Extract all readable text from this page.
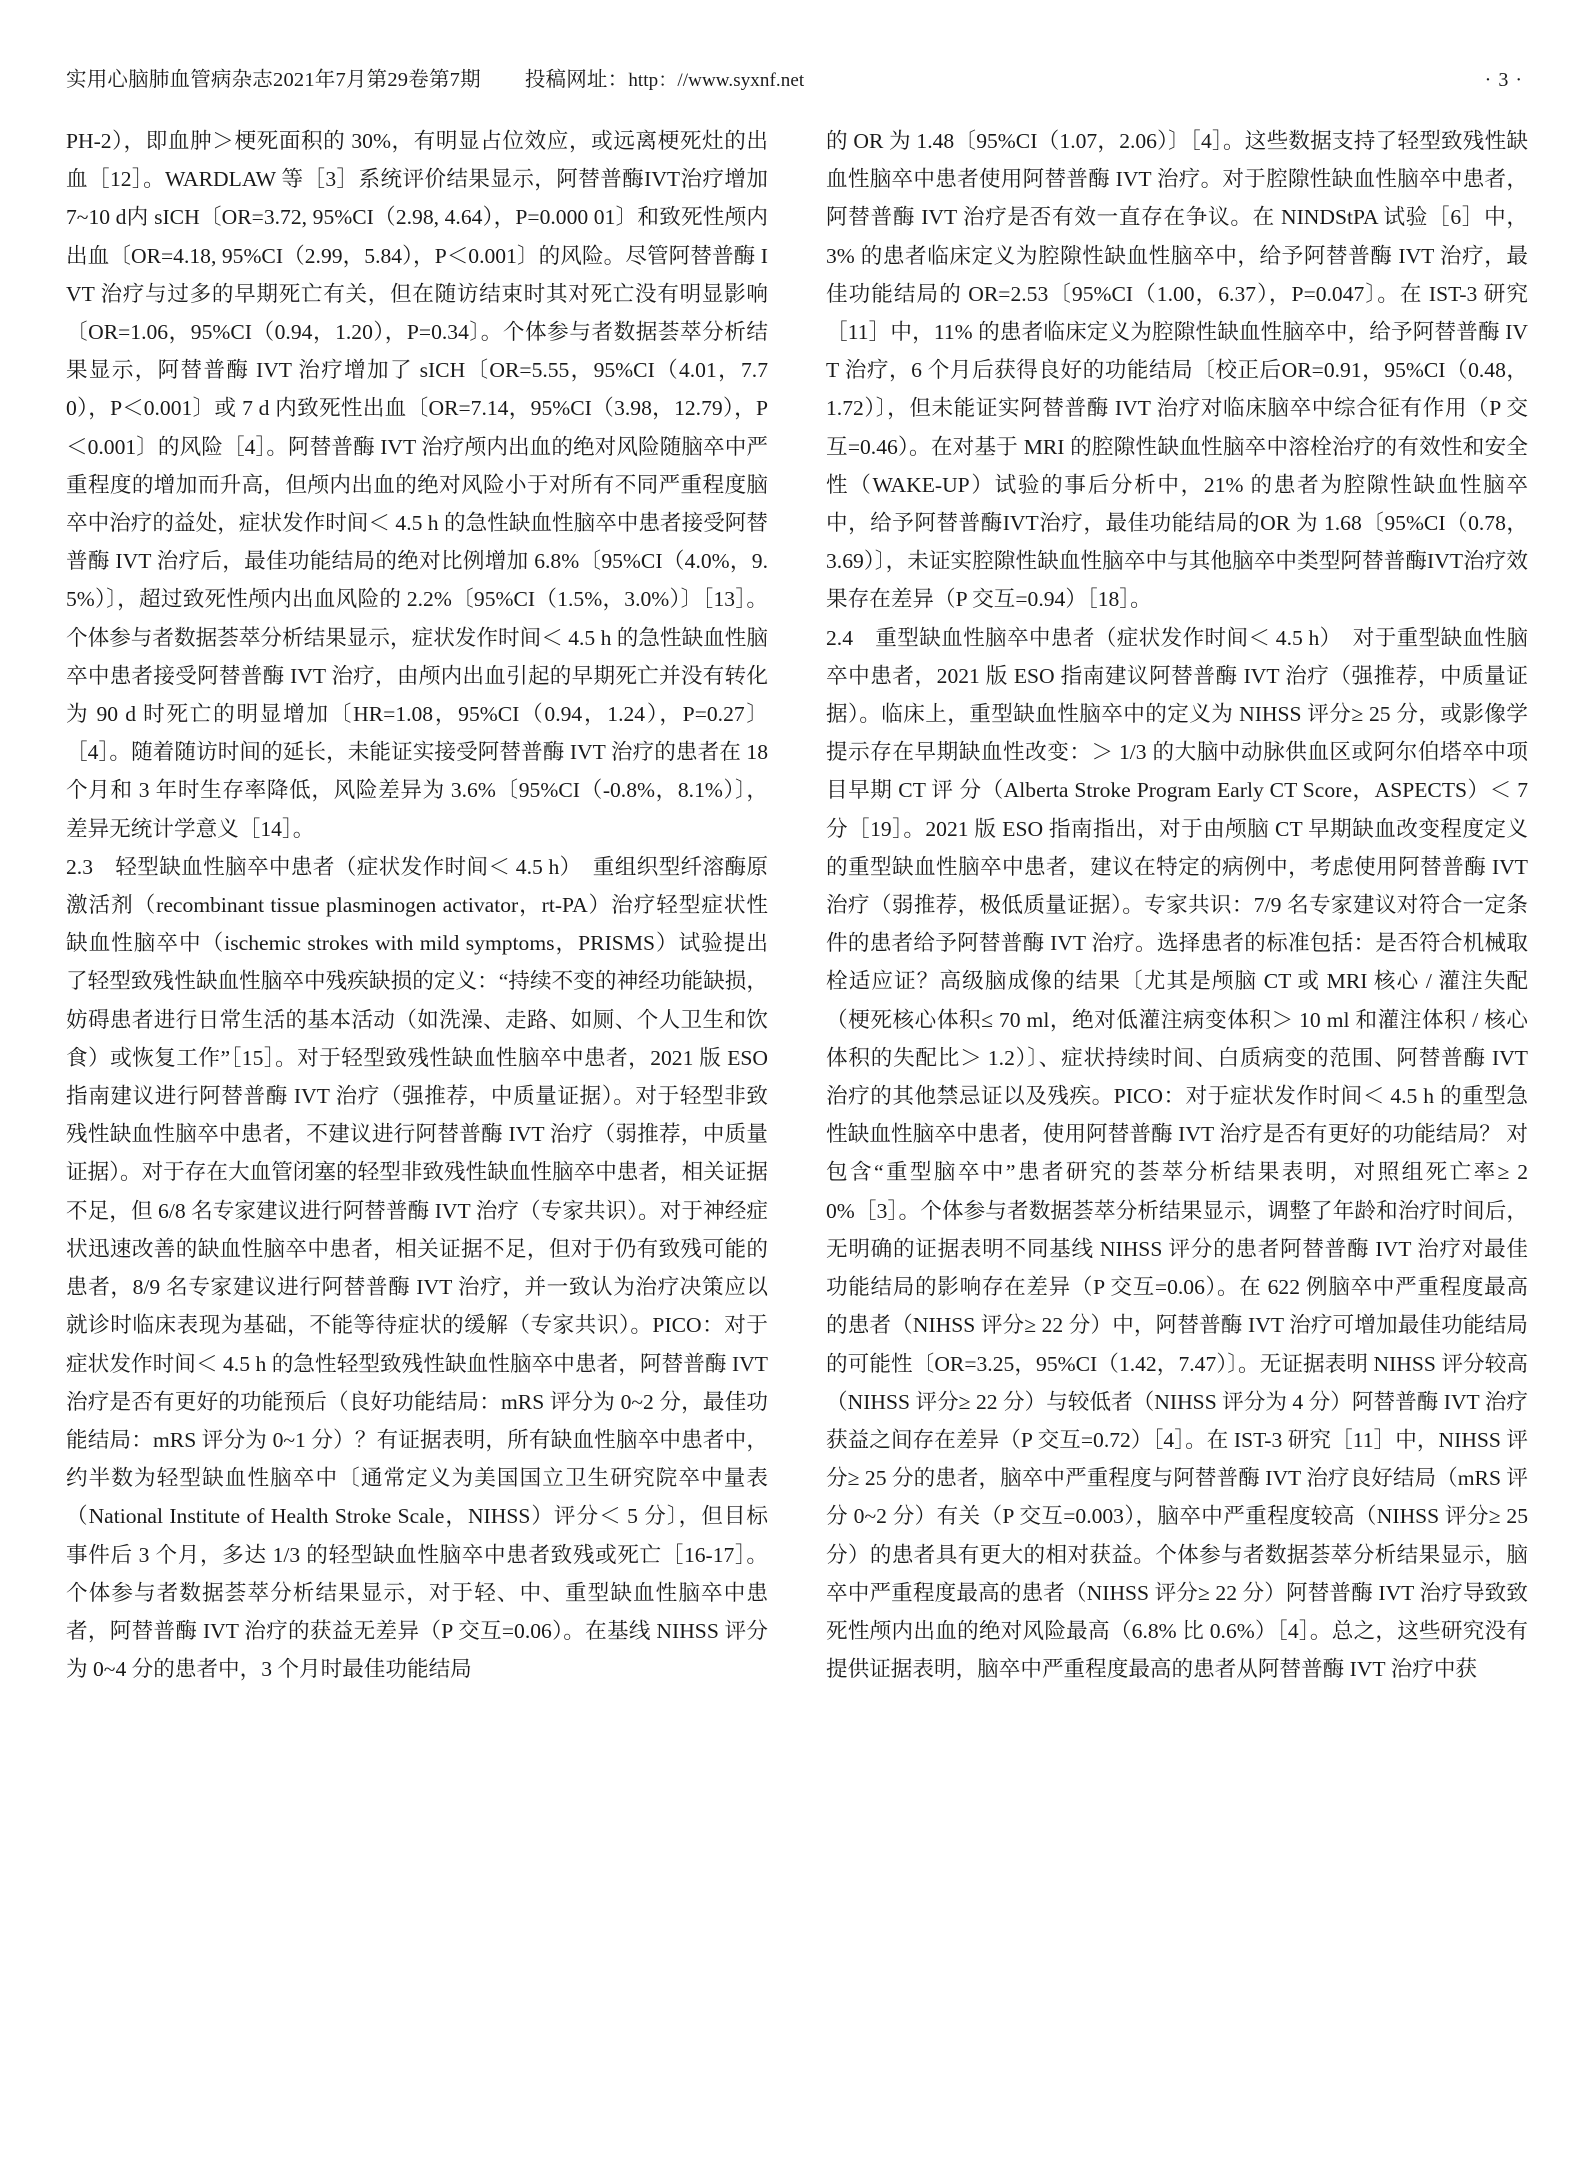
实用心脑肺血管病杂志2021年7月第29卷第7期 投稿网址： http：//www.syxnf.net	· 3 ·

PH-2），即血肿＞梗死面积的 30%，有明显占位效应，或远离梗死灶的出血［12］。WARDLAW 等［3］系统评价结果显示，阿替普酶IVT治疗增加7~10 d内 sICH〔OR=3.72, 95%CI（2.98, 4.64），P=0.000 01〕和致死性颅内出血〔OR=4.18, 95%CI（2.99，5.84），P＜0.001〕的风险。尽管阿替普酶 IVT 治疗与过多的早期死亡有关，但在随访结束时其对死亡没有明显影响〔OR=1.06，95%CI（0.94，1.20），P=0.34〕。个体参与者数据荟萃分析结果显示，阿替普酶 IVT 治疗增加了 sICH〔OR=5.55，95%CI（4.01，7.70），P＜0.001〕或 7 d 内致死性出血〔OR=7.14，95%CI（3.98，12.79），P＜0.001〕的风险［4］。阿替普酶 IVT 治疗颅内出血的绝对风险随脑卒中严重程度的增加而升高，但颅内出血的绝对风险小于对所有不同严重程度脑卒中治疗的益处，症状发作时间＜ 4.5 h 的急性缺血性脑卒中患者接受阿替普酶 IVT 治疗后，最佳功能结局的绝对比例增加 6.8%〔95%CI（4.0%，9.5%）〕，超过致死性颅内出血风险的 2.2%〔95%CI（1.5%，3.0%）〕［13］。个体参与者数据荟萃分析结果显示，症状发作时间＜ 4.5 h 的急性缺血性脑卒中患者接受阿替普酶 IVT 治疗，由颅内出血引起的早期死亡并没有转化为 90 d 时死亡的明显增加〔HR=1.08，95%CI（0.94，1.24），P=0.27〕［4］。随着随访时间的延长，未能证实接受阿替普酶 IVT 治疗的患者在 18 个月和 3 年时生存率降低，风险差异为 3.6%〔95%CI（-0.8%，8.1%）〕，差异无统计学意义［14］。

2.3　轻型缺血性脑卒中患者（症状发作时间＜ 4.5 h）　重组织型纤溶酶原激活剂（recombinant tissue plasminogen activator，rt-PA）治疗轻型症状性缺血性脑卒中（ischemic strokes with mild symptoms，PRISMS）试验提出了轻型致残性缺血性脑卒中残疾缺损的定义：“持续不变的神经功能缺损，妨碍患者进行日常生活的基本活动（如洗澡、走路、如厕、个人卫生和饮食）或恢复工作”［15］。对于轻型致残性缺血性脑卒中患者，2021 版 ESO 指南建议进行阿替普酶 IVT 治疗（强推荐，中质量证据）。对于轻型非致残性缺血性脑卒中患者，不建议进行阿替普酶 IVT 治疗（弱推荐，中质量证据）。对于存在大血管闭塞的轻型非致残性缺血性脑卒中患者，相关证据不足，但 6/8 名专家建议进行阿替普酶 IVT 治疗（专家共识）。对于神经症状迅速改善的缺血性脑卒中患者，相关证据不足，但对于仍有致残可能的患者，8/9 名专家建议进行阿替普酶 IVT 治疗，并一致认为治疗决策应以就诊时临床表现为基础，不能等待症状的缓解（专家共识）。PICO：对于症状发作时间＜ 4.5 h 的急性轻型致残性缺血性脑卒中患者，阿替普酶 IVT 治疗是否有更好的功能预后（良好功能结局：mRS 评分为 0~2 分，最佳功能结局：mRS 评分为 0~1 分）？有证据表明，所有缺血性脑卒中患者中，约半数为轻型缺血性脑卒中〔通常定义为美国国立卫生研究院卒中量表（National Institute of Health Stroke Scale，NIHSS）评分＜ 5 分〕，但目标事件后 3 个月，多达 1/3 的轻型缺血性脑卒中患者致残或死亡［16-17］。个体参与者数据荟萃分析结果显示，对于轻、中、重型缺血性脑卒中患者，阿替普酶 IVT 治疗的获益无差异（P 交互=0.06）。在基线 NIHSS 评分为 0~4 分的患者中，3 个月时最佳功能结局

的 OR 为 1.48〔95%CI（1.07，2.06）〕［4］。这些数据支持了轻型致残性缺血性脑卒中患者使用阿替普酶 IVT 治疗。对于腔隙性缺血性脑卒中患者，阿替普酶 IVT 治疗是否有效一直存在争议。在 NINDStPA 试验［6］中，3% 的患者临床定义为腔隙性缺血性脑卒中，给予阿替普酶 IVT 治疗，最佳功能结局的 OR=2.53〔95%CI（1.00，6.37），P=0.047〕。在 IST-3 研究［11］中，11% 的患者临床定义为腔隙性缺血性脑卒中，给予阿替普酶 IVT 治疗，6 个月后获得良好的功能结局〔校正后OR=0.91，95%CI（0.48，1.72）〕，但未能证实阿替普酶 IVT 治疗对临床脑卒中综合征有作用（P 交互=0.46）。在对基于 MRI 的腔隙性缺血性脑卒中溶栓治疗的有效性和安全性（WAKE-UP）试验的事后分析中，21% 的患者为腔隙性缺血性脑卒中，给予阿替普酶IVT治疗，最佳功能结局的OR 为 1.68〔95%CI（0.78，3.69）〕，未证实腔隙性缺血性脑卒中与其他脑卒中类型阿替普酶IVT治疗效果存在差异（P 交互=0.94）［18］。

2.4　重型缺血性脑卒中患者（症状发作时间＜ 4.5 h）　对于重型缺血性脑卒中患者，2021 版 ESO 指南建议阿替普酶 IVT 治疗（强推荐，中质量证据）。临床上，重型缺血性脑卒中的定义为 NIHSS 评分≥ 25 分，或影像学提示存在早期缺血性改变：＞ 1/3 的大脑中动脉供血区或阿尔伯塔卒中项目早期 CT 评 分（Alberta Stroke Program Early CT Score，ASPECTS）＜ 7 分［19］。2021 版 ESO 指南指出，对于由颅脑 CT 早期缺血改变程度定义的重型缺血性脑卒中患者，建议在特定的病例中，考虑使用阿替普酶 IVT 治疗（弱推荐，极低质量证据）。专家共识：7/9 名专家建议对符合一定条件的患者给予阿替普酶 IVT 治疗。选择患者的标准包括：是否符合机械取栓适应证？高级脑成像的结果〔尤其是颅脑 CT 或 MRI 核心 / 灌注失配（梗死核心体积≤ 70 ml，绝对低灌注病变体积＞ 10 ml 和灌注体积 / 核心体积的失配比＞ 1.2）〕、症状持续时间、白质病变的范围、阿替普酶 IVT 治疗的其他禁忌证以及残疾。PICO：对于症状发作时间＜ 4.5 h 的重型急性缺血性脑卒中患者，使用阿替普酶 IVT 治疗是否有更好的功能结局？ 对包含“重型脑卒中”患者研究的荟萃分析结果表明，对照组死亡率≥ 20%［3］。个体参与者数据荟萃分析结果显示，调整了年龄和治疗时间后，无明确的证据表明不同基线 NIHSS 评分的患者阿替普酶 IVT 治疗对最佳功能结局的影响存在差异（P 交互=0.06）。在 622 例脑卒中严重程度最高的患者（NIHSS 评分≥ 22 分）中，阿替普酶 IVT 治疗可增加最佳功能结局的可能性〔OR=3.25，95%CI（1.42，7.47）〕。无证据表明 NIHSS 评分较高（NIHSS 评分≥ 22 分）与较低者（NIHSS 评分为 4 分）阿替普酶 IVT 治疗获益之间存在差异（P 交互=0.72）［4］。在 IST-3 研究［11］中，NIHSS 评分≥ 25 分的患者，脑卒中严重程度与阿替普酶 IVT 治疗良好结局（mRS 评分 0~2 分）有关（P 交互=0.003），脑卒中严重程度较高（NIHSS 评分≥ 25 分）的患者具有更大的相对获益。个体参与者数据荟萃分析结果显示，脑卒中严重程度最高的患者（NIHSS 评分≥ 22 分）阿替普酶 IVT 治疗导致致死性颅内出血的绝对风险最高（6.8% 比 0.6%）［4］。总之，这些研究没有提供证据表明，脑卒中严重程度最高的患者从阿替普酶 IVT 治疗中获
